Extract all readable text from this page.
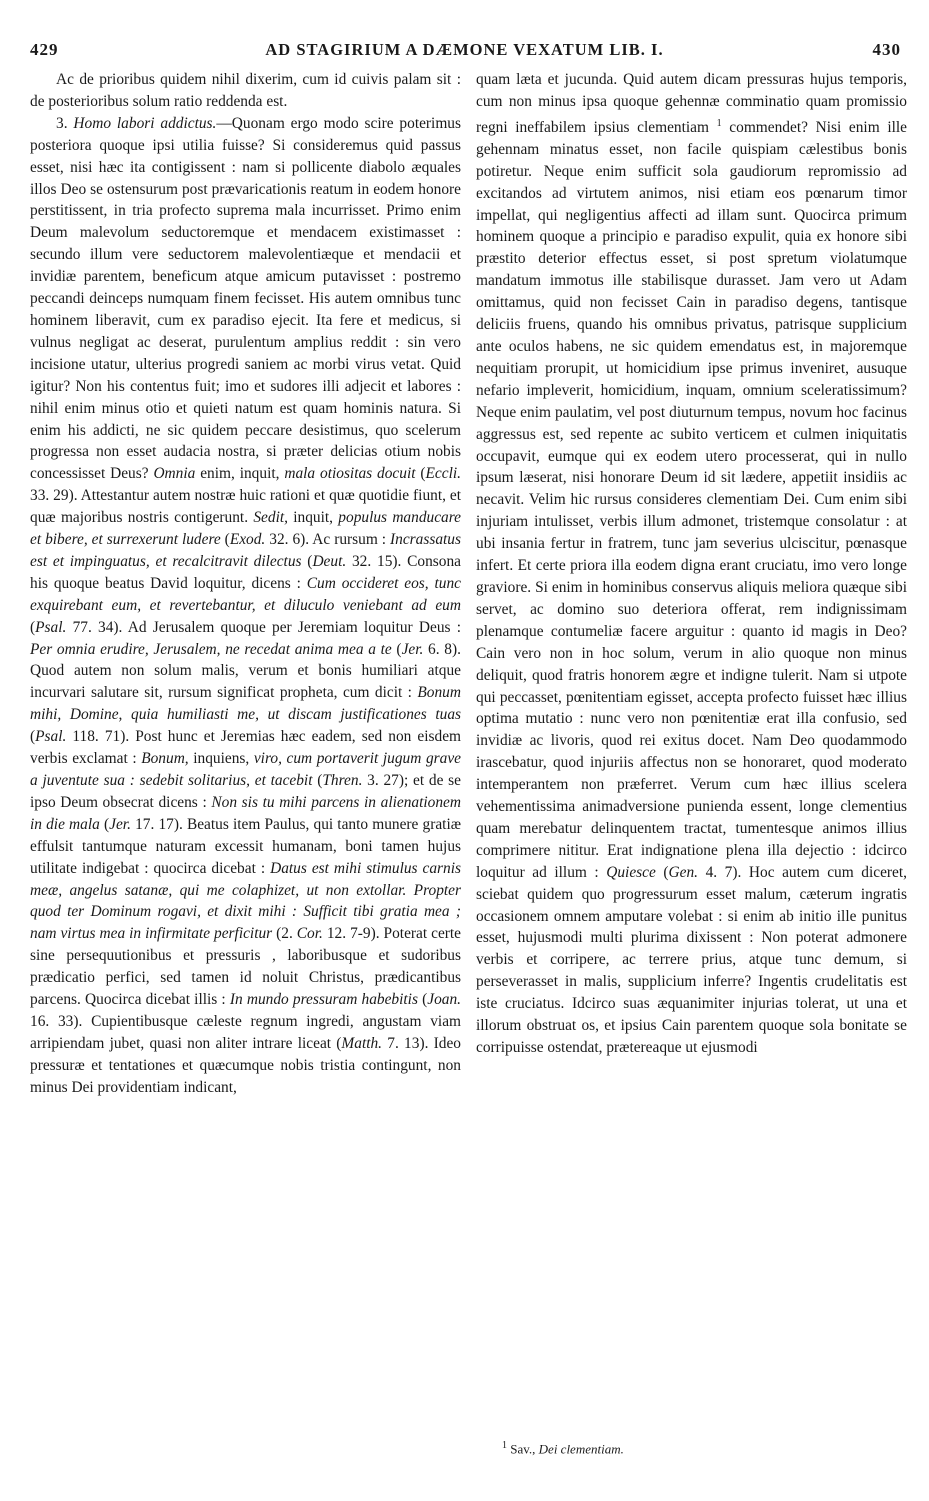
429	AD STAGIRIUM A DÆMONE VEXATUM LIB. I.	430

Ac de prioribus quidem nihil dixerim, cum id cuivis palam sit : de posterioribus solum ratio reddenda est.

3. Homo labori addictus.—Quonam ergo modo scire poterimus posteriora quoque ipsi utilia fuisse? Si consideremus quid passus esset, nisi hæc ita contigissent : nam si pollicente diabolo æquales illos Deo se ostensurum post prævaricationis reatum in eodem honore perstitissent, in tria profecto suprema mala incurrisset. Primo enim Deum malevolum seductoremque et mendacem existimasset : secundo illum vere seductorem malevolentiæque et mendacii et invidiæ parentem, beneficum atque amicum putavisset : postremo peccandi deinceps numquam finem fecisset. His autem omnibus tunc hominem liberavit, cum ex paradiso ejecit. Ita fere et medicus, si vulnus negligat ac deserat, purulentum amplius reddit : sin vero incisione utatur, ulterius progredi saniem ac morbi virus vetat. Quid igitur? Non his contentus fuit; imo et sudores illi adjecit et labores : nihil enim minus otio et quieti natum est quam hominis natura. Si enim his addicti, ne sic quidem peccare desistimus, quo scelerum progressa non esset audacia nostra, si præter delicias otium nobis concessisset Deus? Omnia enim, inquit, mala otiositas docuit (Eccli. 33. 29). Attestantur autem nostræ huic rationi et quæ quotidie fiunt, et quæ majoribus nostris contigerunt. Sedit, inquit, populus manducare et bibere, et surrexerunt ludere (Exod. 32. 6). Ac rursum : Incrassatus est et impinguatus, et recalcitravit dilectus (Deut. 32. 15). Consona his quoque beatus David loquitur, dicens : Cum occideret eos, tunc exquirebant eum, et revertebantur, et diluculo veniebant ad eum (Psal. 77. 34). Ad Jerusalem quoque per Jeremiam loquitur Deus : Per omnia erudire, Jerusalem, ne recedat anima mea a te (Jer. 6. 8). Quod autem non solum malis, verum et bonis humiliari atque incurvari salutare sit, rursum significat propheta, cum dicit : Bonum mihi, Domine, quia humiliasti me, ut discam justificationes tuas (Psal. 118. 71). Post hunc et Jeremias hæc eadem, sed non eisdem verbis exclamat : Bonum, inquiens, viro, cum portaverit jugum grave a juventute sua : sedebit solitarius, et tacebit (Thren. 3. 27); et de se ipso Deum obsecrat dicens : Non sis tu mihi parcens in alienationem in die mala (Jer. 17. 17). Beatus item Paulus, qui tanto munere gratiæ effulsit tantumque naturam excessit humanam, boni tamen hujus utilitate indigebat : quocirca dicebat : Datus est mihi stimulus carnis meæ, angelus satanæ, qui me colaphizet, ut non extollar. Propter quod ter Dominum rogavi, et dixit mihi : Sufficit tibi gratia mea ; nam virtus mea in infirmitate perficitur (2. Cor. 12. 7-9). Poterat certe sine persequutionibus et pressuris , laboribusque et sudoribus prædicatio perfici, sed tamen id noluit Christus, prædicantibus parcens. Quocirca dicebat illis : In mundo pressuram habebitis (Joan. 16. 33). Cupientibusque cæleste regnum ingredi, angustam viam arripiendam jubet, quasi non aliter intrare liceat (Matth. 7. 13). Ideo pressuræ et tentationes et quæcumque nobis tristia contingunt, non minus Dei providentiam indicant,

quam læta et jucunda. Quid autem dicam pressuras hujus temporis, cum non minus ipsa quoque gehennæ comminatio quam promissio regni ineffabilem ipsius clementiam $^1$ commendet? Nisi enim ille gehennam minatus esset, non facile quispiam cælestibus bonis potiretur. Neque enim sufficit sola gaudiorum repromissio ad excitandos ad virtutem animos, nisi etiam eos pœnarum timor impellat, qui negligentius affecti ad illam sunt. Quocirca primum hominem quoque a principio e paradiso expulit, quia ex honore sibi præstito deterior effectus esset, si post spretum violatumque mandatum immotus ille stabilisque durasset. Jam vero ut Adam omittamus, quid non fecisset Cain in paradiso degens, tantisque deliciis fruens, quando his omnibus privatus, patrisque supplicium ante oculos habens, ne sic quidem emendatus est, in majoremque nequitiam prorupit, ut homicidium ipse primus inveniret, ausuque nefario impleverit, homicidium, inquam, omnium sceleratissimum? Neque enim paulatim, vel post diuturnum tempus, novum hoc facinus aggressus est, sed repente ac subito verticem et culmen iniquitatis occupavit, eumque qui ex eodem utero processerat, qui in nullo ipsum læserat, nisi honorare Deum id sit lædere, appetiit insidiis ac necavit. Velim hic rursus consideres clementiam Dei. Cum enim sibi injuriam intulisset, verbis illum admonet, tristemque consolatur : at ubi insania fertur in fratrem, tunc jam severius ulciscitur, pœnasque infert. Et certe priora illa eodem digna erant cruciatu, imo vero longe graviore. Si enim in hominibus conservus aliquis meliora quæque sibi servet, ac domino suo deteriora offerat, rem indignissimam plenamque contumeliæ facere arguitur : quanto id magis in Deo? Cain vero non in hoc solum, verum in alio quoque non minus deliquit, quod fratris honorem ægre et indigne tulerit. Nam si utpote qui peccasset, pœnitentiam egisset, accepta profecto fuisset hæc illius optima mutatio : nunc vero non pœnitentiæ erat illa confusio, sed invidiæ ac livoris, quod rei exitus docet. Nam Deo quodammodo irascebatur, quod injuriis affectus non se honoraret, quod moderato intemperantem non præferret. Verum cum hæc illius scelera vehementissima animadversione punienda essent, longe clementius quam merebatur delinquentem tractat, tumentesque animos illius comprimere nititur. Erat indignatione plena illa dejectio : idcirco loquitur ad illum : Quiesce (Gen. 4. 7). Hoc autem cum diceret, sciebat quidem quo progressurum esset malum, cæterum ingratis occasionem omnem amputare volebat : si enim ab initio ille punitus esset, hujusmodi multi plurima dixissent : Non poterat admonere verbis et corripere, ac terrere prius, atque tunc demum, si perseverasset in malis, supplicium inferre? Ingentis crudelitatis est iste cruciatus. Idcirco suas æquanimiter injurias tolerat, ut una et illorum obstruat os, et ipsius Cain parentem quoque sola bonitate se corripuisse ostendat, prætereaque ut ejusmodi

$^1$ Sav., Dei clementiam.
